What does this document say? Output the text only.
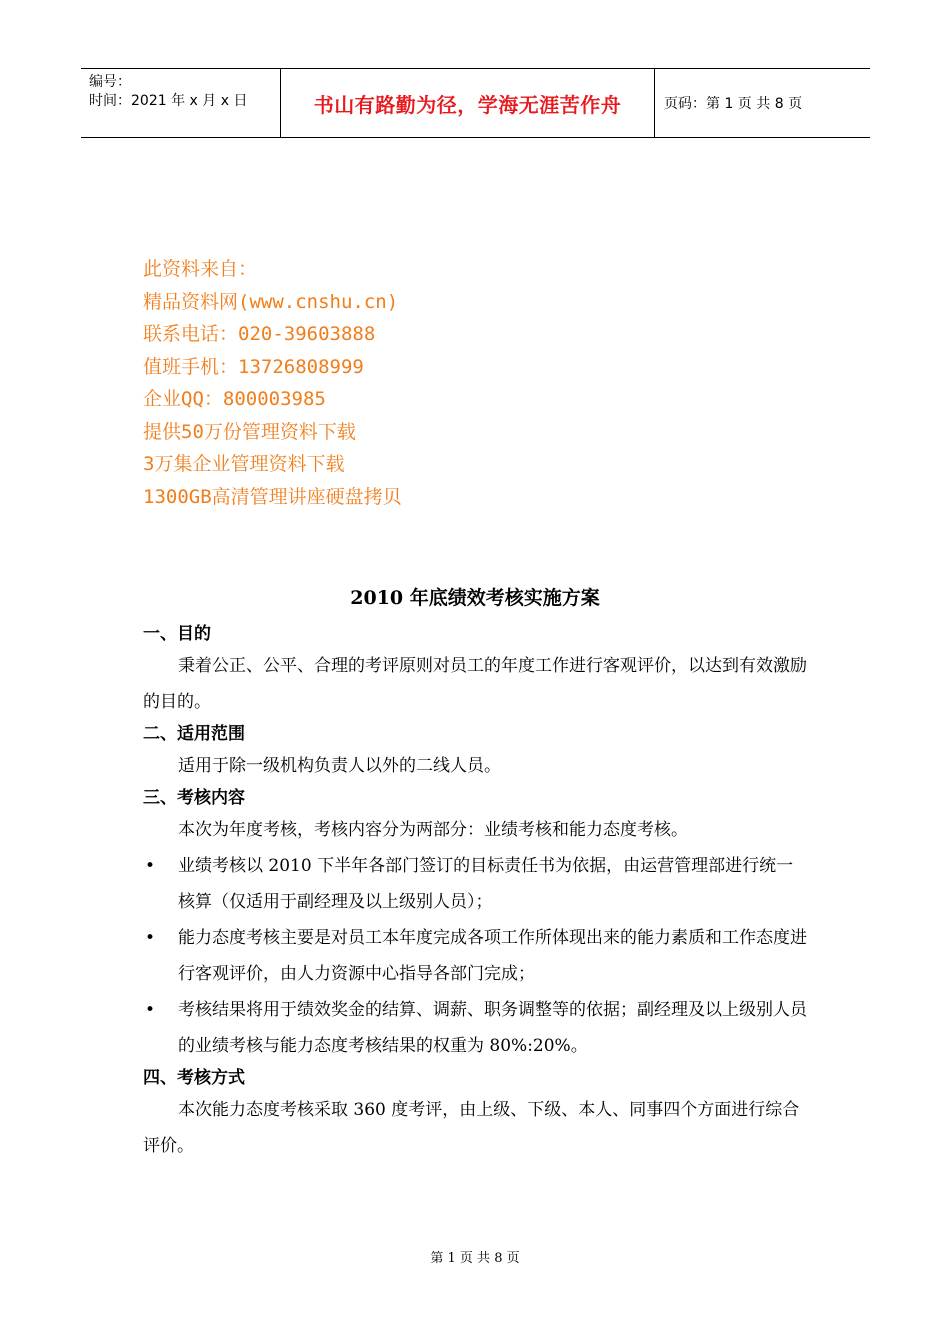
编号：
时间：2021 年 x 月 x 日	书山有路勤为径，学海无涯苦作舟	页码：第 1 页 共 8 页
此资料来自：
精品资料网(www.cnshu.cn)
联系电话：020-39603888
值班手机：13726808999
企业QQ：800003985
提供50万份管理资料下载
3万集企业管理资料下载
1300GB高清管理讲座硬盘拷贝
2010 年底绩效考核实施方案
一、目的
秉着公正、公平、合理的考评原则对员工的年度工作进行客观评价，以达到有效激励的目的。
二、适用范围
适用于除一级机构负责人以外的二线人员。
三、考核内容
本次为年度考核，考核内容分为两部分：业绩考核和能力态度考核。
• 业绩考核以 2010 下半年各部门签订的目标责任书为依据，由运营管理部进行统一核算（仅适用于副经理及以上级别人员）；
• 能力态度考核主要是对员工本年度完成各项工作所体现出来的能力素质和工作态度进行客观评价，由人力资源中心指导各部门完成；
• 考核结果将用于绩效奖金的结算、调薪、职务调整等的依据；副经理及以上级别人员的业绩考核与能力态度考核结果的权重为 80%:20%。
四、考核方式
本次能力态度考核采取 360 度考评，由上级、下级、本人、同事四个方面进行综合评价。
第 1 页 共 8 页
